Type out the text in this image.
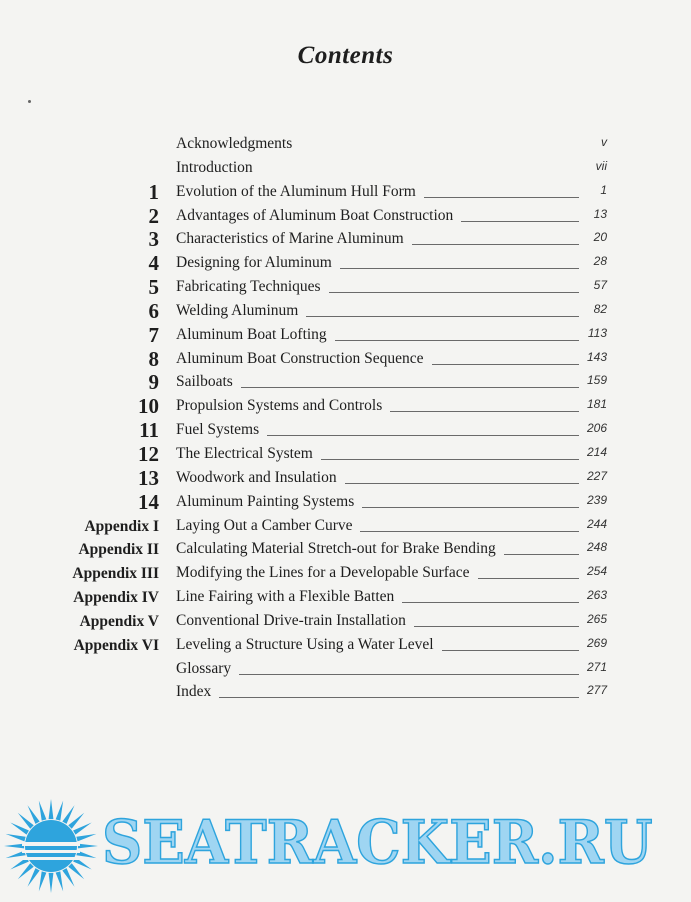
Contents
Acknowledgments	v
Introduction	vii
1 Evolution of the Aluminum Hull Form	1
2 Advantages of Aluminum Boat Construction	13
3 Characteristics of Marine Aluminum	20
4 Designing for Aluminum	28
5 Fabricating Techniques	57
6 Welding Aluminum	82
7 Aluminum Boat Lofting	113
8 Aluminum Boat Construction Sequence	143
9 Sailboats	159
10 Propulsion Systems and Controls	181
11 Fuel Systems	206
12 The Electrical System	214
13 Woodwork and Insulation	227
14 Aluminum Painting Systems	239
Appendix I Laying Out a Camber Curve	244
Appendix II Calculating Material Stretch-out for Brake Bending	248
Appendix III Modifying the Lines for a Developable Surface	254
Appendix IV Line Fairing with a Flexible Batten	263
Appendix V Conventional Drive-train Installation	265
Appendix VI Leveling a Structure Using a Water Level	269
Glossary	271
Index	277
SEATRACKER.RU
